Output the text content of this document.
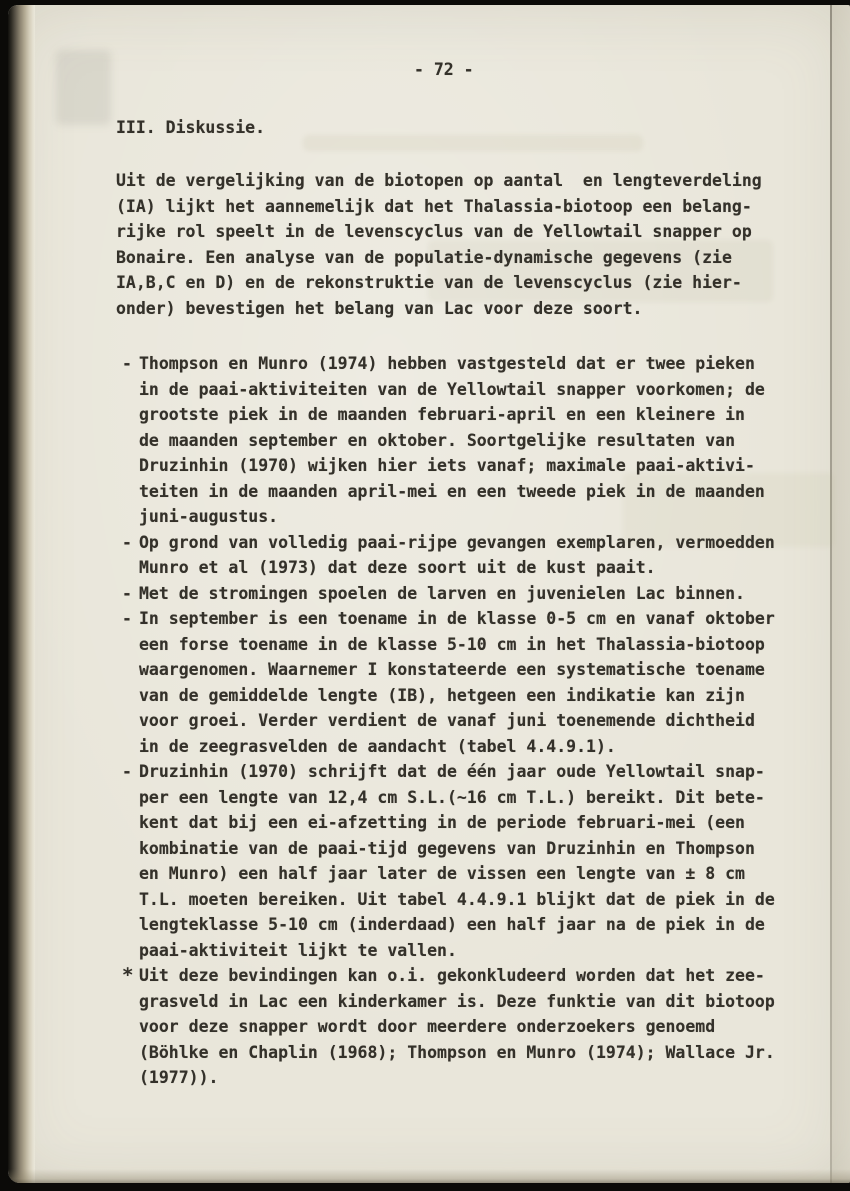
- 72 -
III. Diskussie.
Uit de vergelijking van de biotopen op aantal  en lengteverdeling
(IA) lijkt het aannemelijk dat het Thalassia-biotoop een belang-
rijke rol speelt in de levenscyclus van de Yellowtail snapper op
Bonaire. Een analyse van de populatie-dynamische gegevens (zie
IA,B,C en D) en de rekonstruktie van de levenscyclus (zie hier-
onder) bevestigen het belang van Lac voor deze soort.
- Thompson en Munro (1974) hebben vastgesteld dat er twee pieken
in de paai-aktiviteiten van de Yellowtail snapper voorkomen; de
grootste piek in de maanden februari-april en een kleinere in
de maanden september en oktober. Soortgelijke resultaten van
Druzinhin (1970) wijken hier iets vanaf; maximale paai-aktivi-
teiten in de maanden april-mei en een tweede piek in de maanden
juni-augustus.
- Op grond van volledig paai-rijpe gevangen exemplaren, vermoedden
Munro et al (1973) dat deze soort uit de kust paait.
- Met de stromingen spoelen de larven en juvenielen Lac binnen.
- In september is een toename in de klasse 0-5 cm en vanaf oktober
een forse toename in de klasse 5-10 cm in het Thalassia-biotoop
waargenomen. Waarnemer I konstateerde een systematische toename
van de gemiddelde lengte (IB), hetgeen een indikatie kan zijn
voor groei. Verder verdient de vanaf juni toenemende dichtheid
in de zeegrasvelden de aandacht (tabel 4.4.9.1).
- Druzinhin (1970) schrijft dat de één jaar oude Yellowtail snap-
per een lengte van 12,4 cm S.L.(~16 cm T.L.) bereikt. Dit bete-
kent dat bij een ei-afzetting in de periode februari-mei (een
kombinatie van de paai-tijd gegevens van Druzinhin en Thompson
en Munro) een half jaar later de vissen een lengte van ± 8 cm
T.L. moeten bereiken. Uit tabel 4.4.9.1 blijkt dat de piek in de
lengteklasse 5-10 cm (inderdaad) een half jaar na de piek in de
paai-aktiviteit lijkt te vallen.
* Uit deze bevindingen kan o.i. gekonkludeerd worden dat het zee-
grasveld in Lac een kinderkamer is. Deze funktie van dit biotoop
voor deze snapper wordt door meerdere onderzoekers genoemd
(Böhlke en Chaplin (1968); Thompson en Munro (1974); Wallace Jr.
(1977)).
